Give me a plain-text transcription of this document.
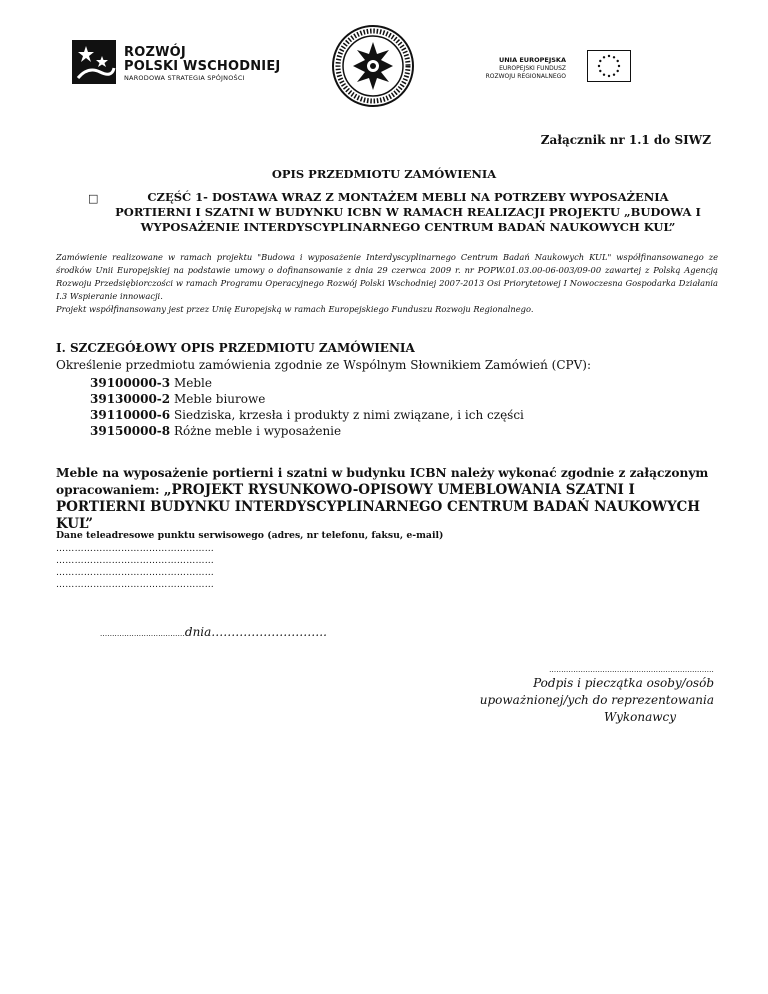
ROZWÓJ
POLSKI WSCHODNIEJ
NARODOWA STRATEGIA SPÓJNOŚCI
UNIA EUROPEJSKA
EUROPEJSKI FUNDUSZ
ROZWOJU REGIONALNEGO
Załącznik nr 1.1 do SIWZ
OPIS PRZEDMIOTU ZAMÓWIENIA
□	CZĘŚĆ 1- DOSTAWA WRAZ Z MONTAŻEM MEBLI NA POTRZEBY WYPOSAŻENIA PORTIERNI I SZATNI W BUDYNKU ICBN W RAMACH REALIZACJI PROJEKTU „BUDOWA I WYPOSAŻENIE INTERDYSCYPLINARNEGO CENTRUM BADAŃ NAUKOWYCH KUL”

Zamówienie realizowane w ramach projektu "Budowa i wyposażenie Interdyscyplinarnego Centrum Badań Naukowych KUL" współfinansowanego ze środków Unii Europejskiej na podstawie umowy o dofinansowanie z dnia 29 czerwca 2009 r. nr POPW.01.03.00-06-003/09-00 zawartej z Polską Agencją Rozwoju Przedsiębiorczości w ramach Programu Operacyjnego Rozwój Polski Wschodniej 2007-2013 Osi Priorytetowej I Nowoczesna Gospodarka Działania I.3 Wspieranie innowacji.

Projekt współfinansowany jest przez Unię Europejską w ramach Europejskiego Funduszu Rozwoju Regionalnego.

I. SZCZEGÓŁOWY OPIS PRZEDMIOTU ZAMÓWIENIA
Określenie przedmiotu zamówienia zgodnie ze Wspólnym Słownikiem Zamówień (CPV):
39100000-3 Meble
39130000-2 Meble biurowe
39110000-6 Siedziska, krzesła i produkty z nimi związane, i ich części
39150000-8 Różne meble i wyposażenie
Meble na wyposażenie portierni i szatni w budynku ICBN należy wykonać zgodnie z załączonym opracowaniem: „PROJEKT RYSUNKOWO-OPISOWY UMEBLOWANIA SZATNI I PORTIERNI BUDYNKU INTERDYSCYPLINARNEGO CENTRUM BADAŃ NAUKOWYCH KUL”
Dane teleadresowe punktu serwisowego (adres, nr telefonu, faksu, e-mail)
……………………………………………
……………………………………………
……………………………………………
……………………………………………
...................................dnia………………………..
....................................................................
Podpis i pieczątka osoby/osób
upoważnionej/ych do reprezentowania
Wykonawcy
